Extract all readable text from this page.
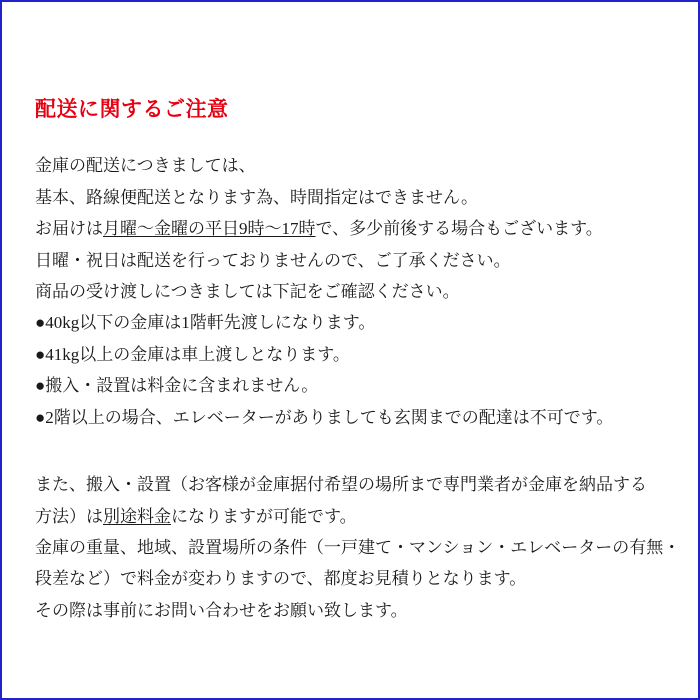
配送に関するご注意
金庫の配送につきましては、
基本、路線便配送となります為、時間指定はできません。
お届けは月曜～金曜の平日9時～17時で、多少前後する場合もございます。
日曜・祝日は配送を行っておりませんので、ご了承ください。
商品の受け渡しにつきましては下記をご確認ください。
●40kg以下の金庫は1階軒先渡しになります。
●41kg以上の金庫は車上渡しとなります。
●搬入・設置は料金に含まれません。
●2階以上の場合、エレベーターがありましても玄関までの配達は不可です。
また、搬入・設置（お客様が金庫据付希望の場所まで専門業者が金庫を納品する
方法）は別途料金になりますが可能です。
金庫の重量、地域、設置場所の条件（一戸建て・マンション・エレベーターの有無・
段差など）で料金が変わりますので、都度お見積りとなります。
その際は事前にお問い合わせをお願い致します。
